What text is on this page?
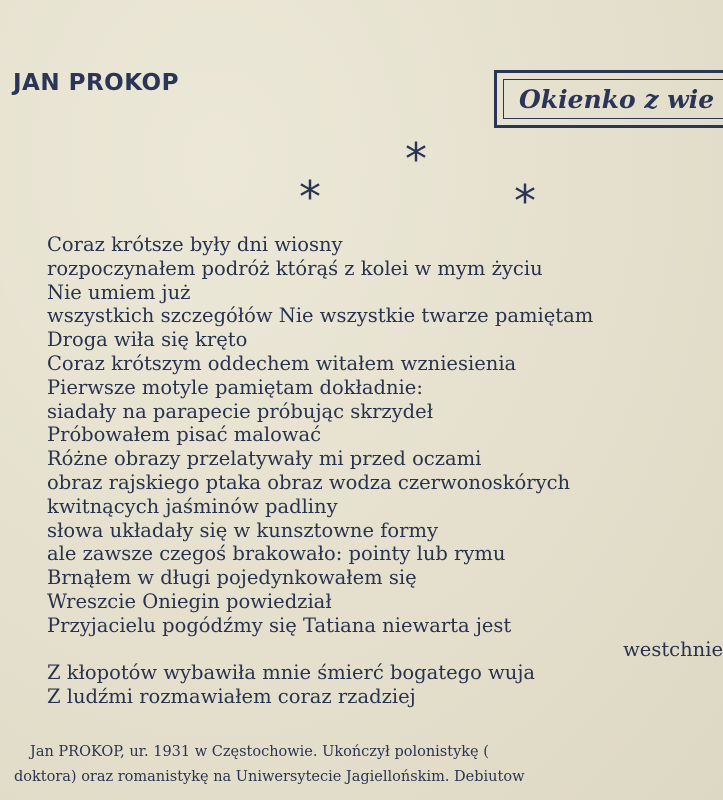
JAN PROKOP
Okienko z wie
*
*	*
Coraz krótsze były dni wiosny
rozpoczynałem podróż którąś z kolei w mym życiu
Nie umiem już
wszystkich szczegółów Nie wszystkie twarze pamiętam
Droga wiła się kręto
Coraz krótszym oddechem witałem wzniesienia
Pierwsze motyle pamiętam dokładnie:
siadały na parapecie próbując skrzydeł
Próbowałem pisać malować
Różne obrazy przelatywały mi przed oczami
obraz rajskiego ptaka obraz wodza czerwonoskórych
kwitnących jaśminów padliny
słowa układały się w kunsztowne formy
ale zawsze czegoś brakowało: pointy lub rymu
Brnąłem w długi pojedynkowałem się
Wreszcie Oniegin powiedział
Przyjacielu pogódźmy się Tatiana niewarta jest
westchnie
Z kłopotów wybawiła mnie śmierć bogatego wuja
Z ludźmi rozmawiałem coraz rzadziej
Jan PROKOP, ur. 1931 w Częstochowie. Ukończył polonistykę (
doktora) oraz romanistykę na Uniwersytecie Jagiellońskim. Debiutow
